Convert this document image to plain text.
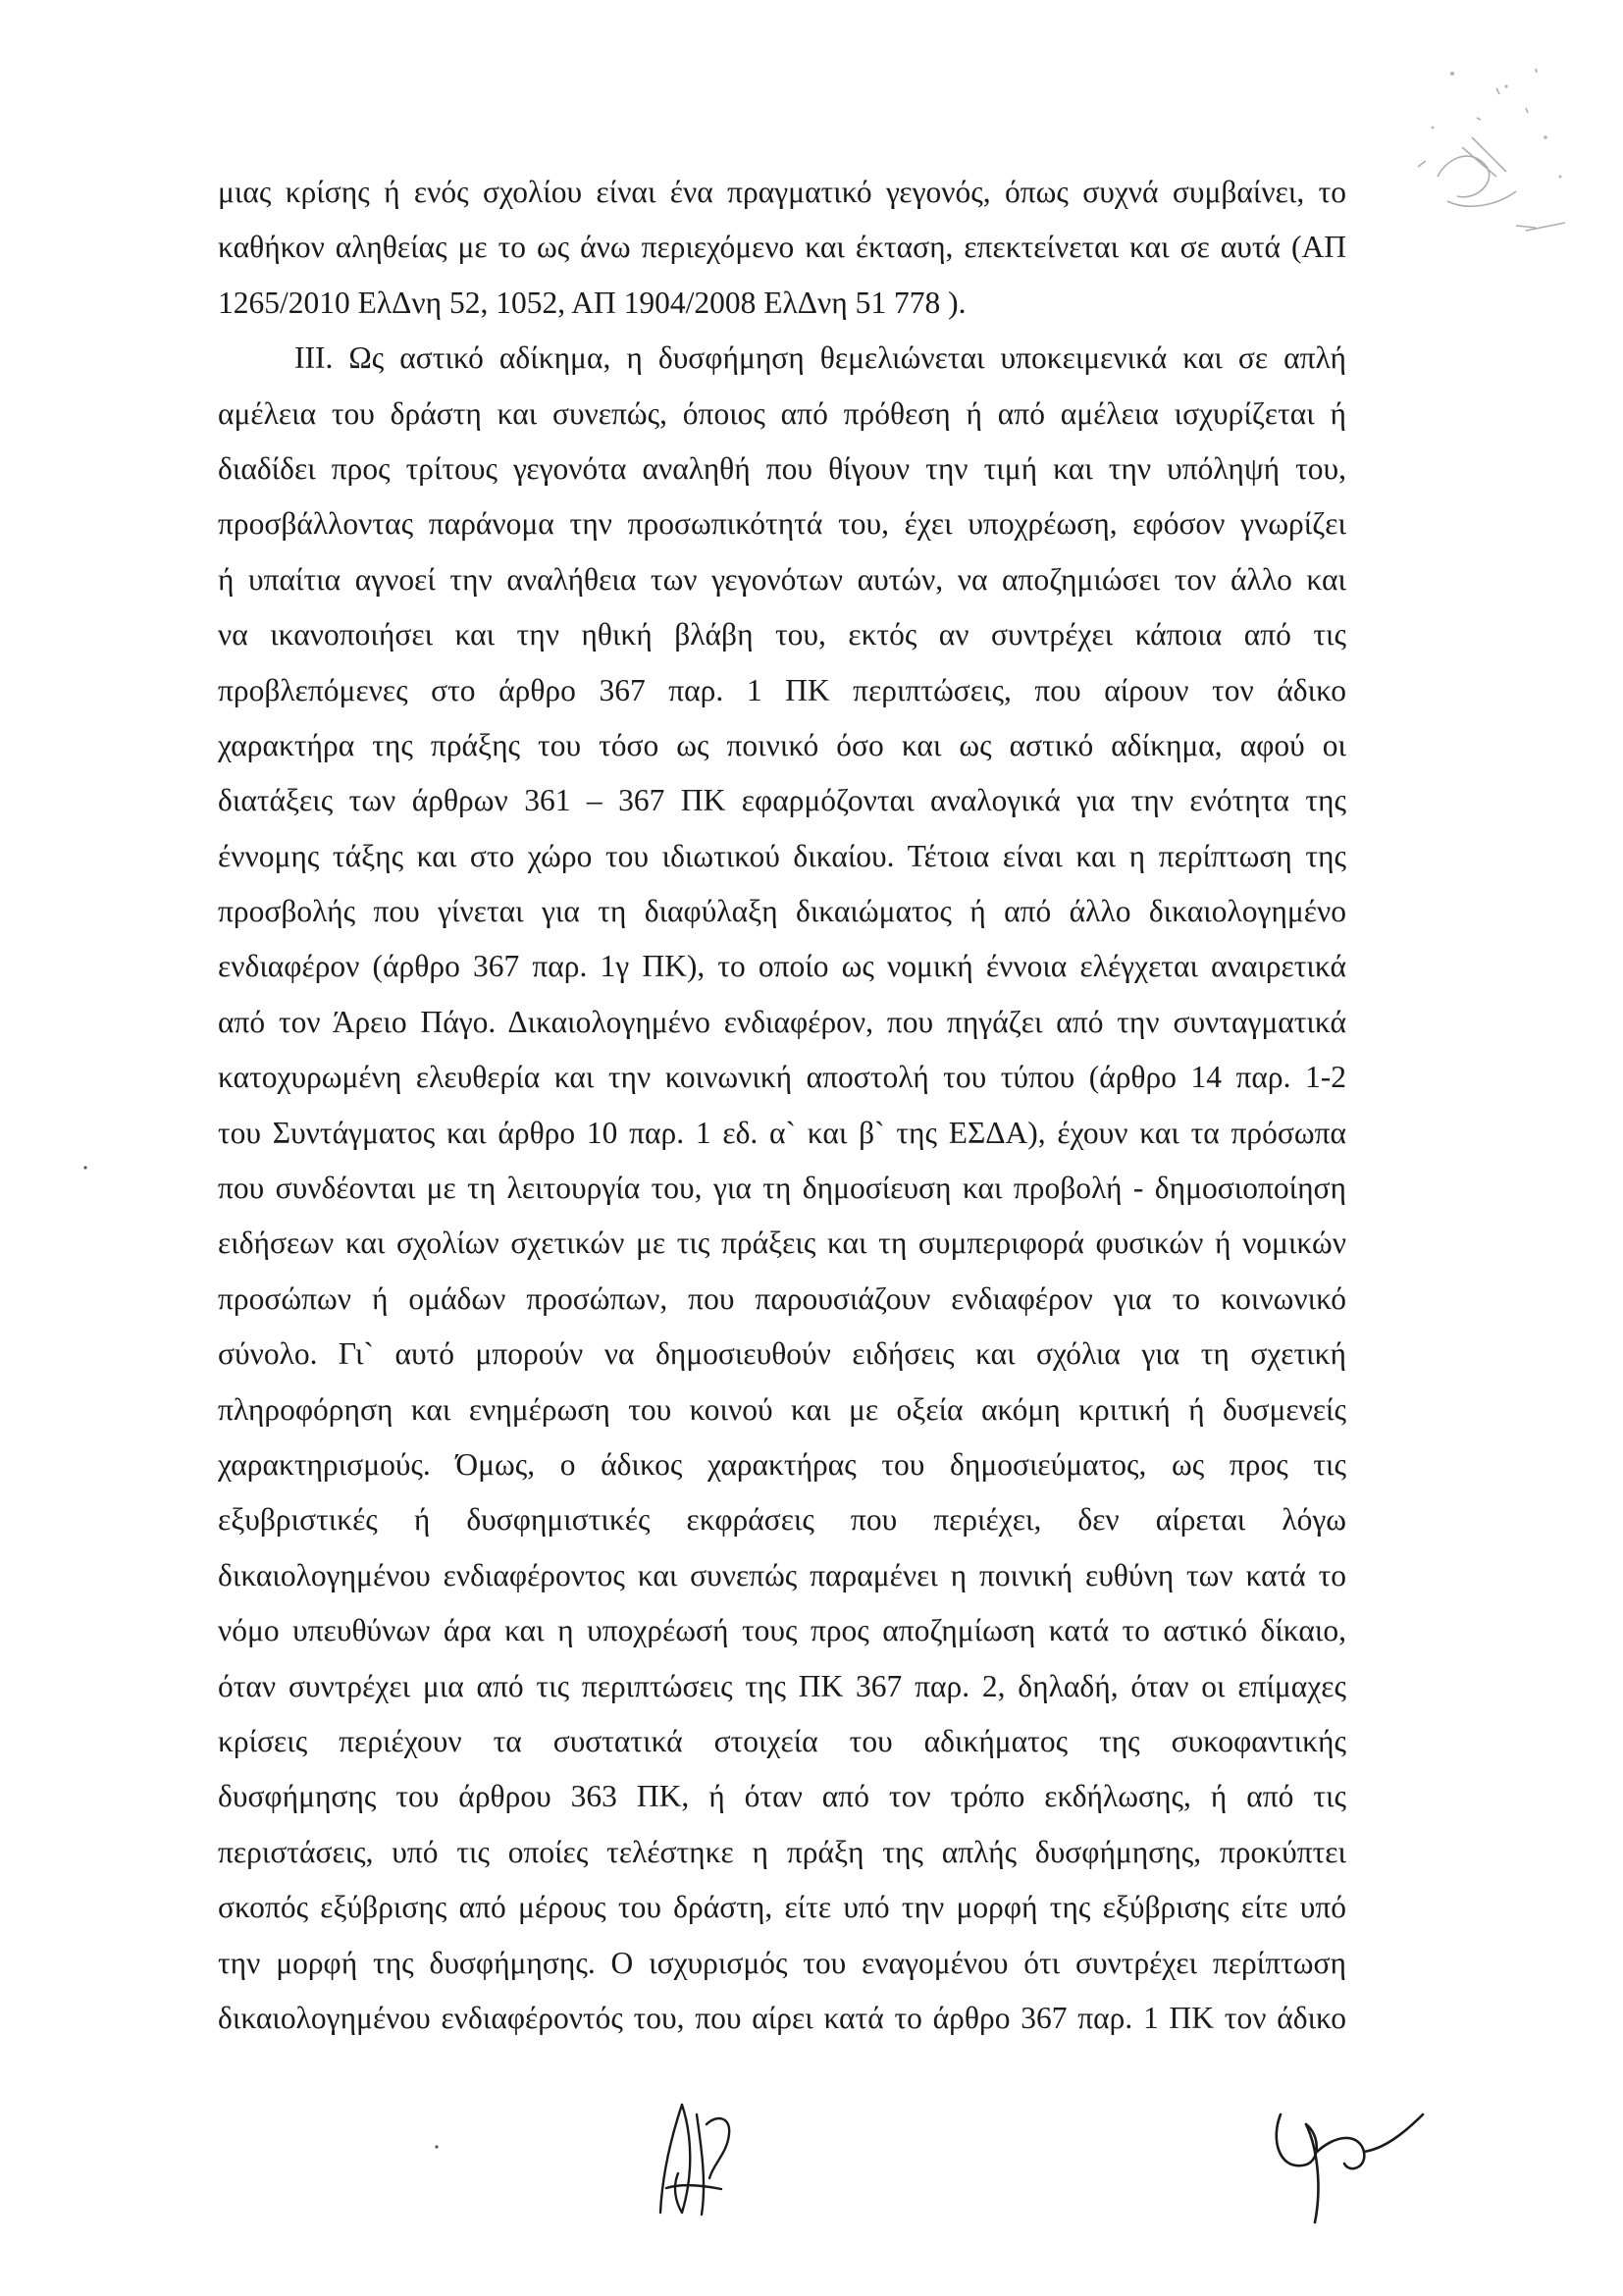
μιας κρίσης ή ενός σχολίου είναι ένα πραγματικό γεγονός, όπως συχνά συμβαίνει, το
καθήκον αληθείας με το ως άνω περιεχόμενο και έκταση, επεκτείνεται και σε αυτά (ΑΠ
1265/2010 ΕλΔνη 52, 1052, ΑΠ 1904/2008 ΕλΔνη 51 778 ).
ΙΙΙ. Ως αστικό αδίκημα, η δυσφήμηση θεμελιώνεται υποκειμενικά και σε απλή
αμέλεια του δράστη και συνεπώς, όποιος από πρόθεση ή από αμέλεια ισχυρίζεται ή
διαδίδει προς τρίτους γεγονότα αναληθή που θίγουν την τιμή και την υπόληψή του,
προσβάλλοντας παράνομα την προσωπικότητά του, έχει υποχρέωση, εφόσον γνωρίζει
ή υπαίτια αγνοεί την αναλήθεια των γεγονότων αυτών, να αποζημιώσει τον άλλο και
να ικανοποιήσει και την ηθική βλάβη του, εκτός αν συντρέχει κάποια από τις
προβλεπόμενες στο άρθρο 367 παρ. 1 ΠΚ περιπτώσεις, που αίρουν τον άδικο
χαρακτήρα της πράξης του τόσο ως ποινικό όσο και ως αστικό αδίκημα, αφού οι
διατάξεις των άρθρων 361 – 367 ΠΚ εφαρμόζονται αναλογικά για την ενότητα της
έννομης τάξης και στο χώρο του ιδιωτικού δικαίου. Τέτοια είναι και η περίπτωση της
προσβολής που γίνεται για τη διαφύλαξη δικαιώματος ή από άλλο δικαιολογημένο
ενδιαφέρον (άρθρο 367 παρ. 1γ ΠΚ), το οποίο ως νομική έννοια ελέγχεται αναιρετικά
από τον Άρειο Πάγο. Δικαιολογημένο ενδιαφέρον, που πηγάζει από την συνταγματικά
κατοχυρωμένη ελευθερία και την κοινωνική αποστολή του τύπου (άρθρο 14 παρ. 1-2
του Συντάγματος και άρθρο 10 παρ. 1 εδ. α` και β` της ΕΣΔΑ), έχουν και τα πρόσωπα
που συνδέονται με τη λειτουργία του, για τη δημοσίευση και προβολή - δημοσιοποίηση
ειδήσεων και σχολίων σχετικών με τις πράξεις και τη συμπεριφορά φυσικών ή νομικών
προσώπων ή ομάδων προσώπων, που παρουσιάζουν ενδιαφέρον για το κοινωνικό
σύνολο. Γι` αυτό μπορούν να δημοσιευθούν ειδήσεις και σχόλια για τη σχετική
πληροφόρηση και ενημέρωση του κοινού και με οξεία ακόμη κριτική ή δυσμενείς
χαρακτηρισμούς. Όμως, ο άδικος χαρακτήρας του δημοσιεύματος, ως προς τις
εξυβριστικές ή δυσφημιστικές εκφράσεις που περιέχει, δεν αίρεται λόγω
δικαιολογημένου ενδιαφέροντος και συνεπώς παραμένει η ποινική ευθύνη των κατά το
νόμο υπευθύνων άρα και η υποχρέωσή τους προς αποζημίωση κατά το αστικό δίκαιο,
όταν συντρέχει μια από τις περιπτώσεις της ΠΚ 367 παρ. 2, δηλαδή, όταν οι επίμαχες
κρίσεις περιέχουν τα συστατικά στοιχεία του αδικήματος της συκοφαντικής
δυσφήμησης του άρθρου 363 ΠΚ, ή όταν από τον τρόπο εκδήλωσης, ή από τις
περιστάσεις, υπό τις οποίες τελέστηκε η πράξη της απλής δυσφήμησης, προκύπτει
σκοπός εξύβρισης από μέρους του δράστη, είτε υπό την μορφή της εξύβρισης είτε υπό
την μορφή της δυσφήμησης. Ο ισχυρισμός του εναγομένου ότι συντρέχει περίπτωση
δικαιολογημένου ενδιαφέροντός του, που αίρει κατά το άρθρο 367 παρ. 1 ΠΚ τον άδικο
